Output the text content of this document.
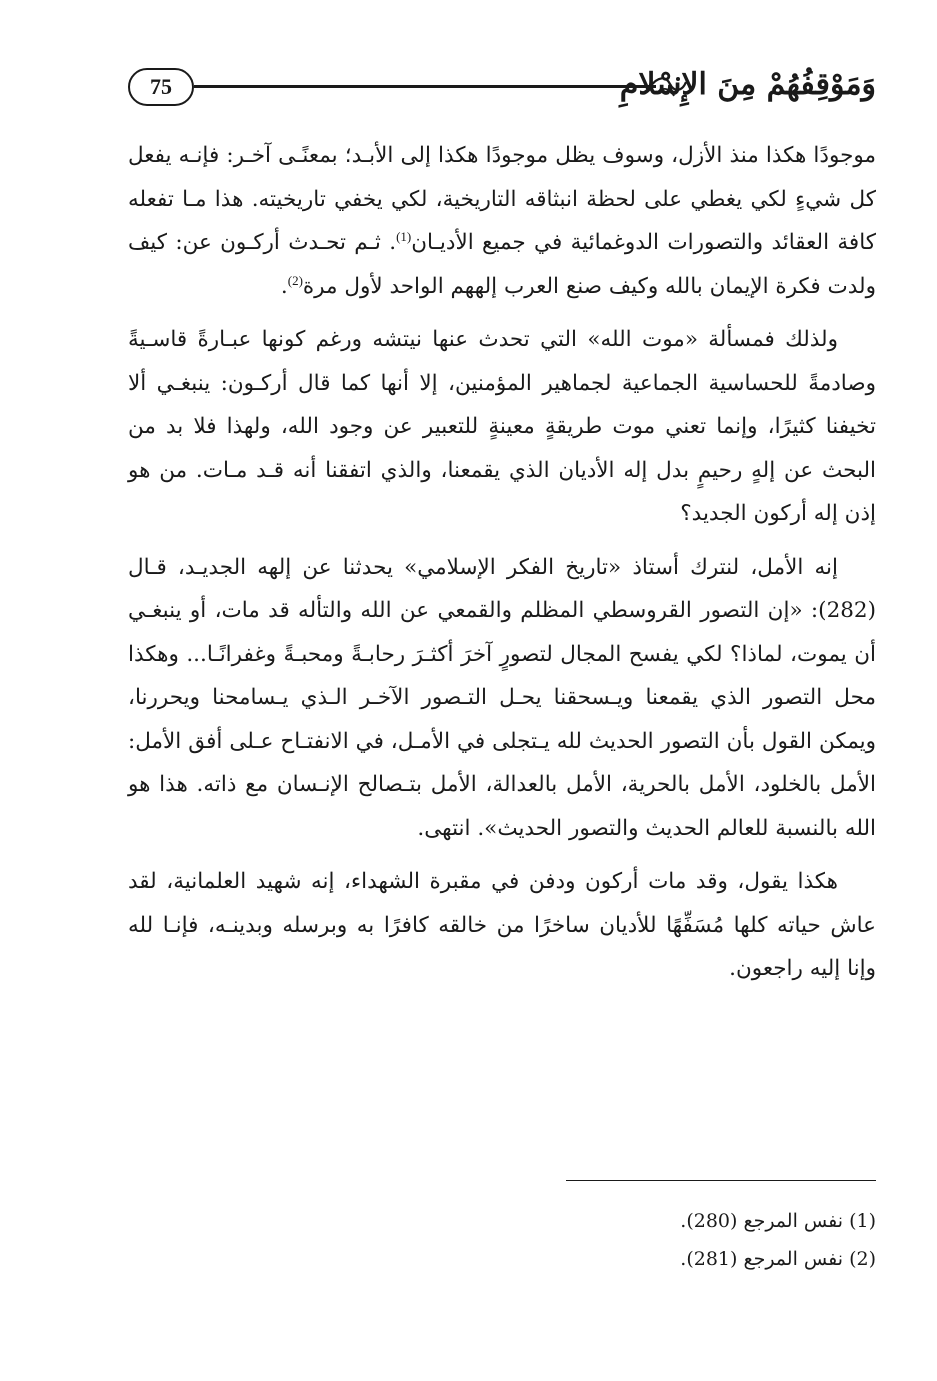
75	وَمَوْقِفُهُمْ مِنَ الإِسْلامِ

موجودًا هكذا منذ الأزل، وسوف يظل موجودًا هكذا إلى الأبـد؛ بمعنًـى آخـر: فإنـه يفعل كل شيءٍ لكي يغطي على لحظة انبثاقه التاريخية، لكي يخفي تاريخيته. هذا مـا تفعله كافة العقائد والتصورات الدوغمائية في جميع الأديـان$^{(1)}$. ثـم تحـدث أركـون عن: كيف ولدت فكرة الإيمان بالله وكيف صنع العرب إلههم الواحد لأول مرة$^{(2)}$.

ولذلك فمسألة «موت الله» التي تحدث عنها نيتشه ورغم كونها عبـارةً قاسـيةً وصادمةً للحساسية الجماعية لجماهير المؤمنين، إلا أنها كما قال أركـون: ينبغـي ألا تخيفنا كثيرًا، وإنما تعني موت طريقةٍ معينةٍ للتعبير عن وجود الله، ولهذا فلا بد من البحث عن إلهٍ رحيمٍ بدل إله الأديان الذي يقمعنا، والذي اتفقنا أنه قـد مـات. من هو إذن إله أركون الجديد؟

إنه الأمل، لنترك أستاذ «تاريخ الفكر الإسلامي» يحدثنا عن إلهه الجديـد، قـال (282): «إن التصور القروسطي المظلم والقمعي عن الله والتأله قد مات، أو ينبغـي أن يموت، لماذا؟ لكي يفسح المجال لتصورٍ آخرَ أكثـرَ رحابـةً ومحبـةً وغفرانًـا... وهكذا محل التصور الذي يقمعنا ويـسحقنا يحـل التـصور الآخـر الـذي يـسامحنا ويحررنا، ويمكن القول بأن التصور الحديث لله يـتجلى في الأمـل، في الانفتـاح عـلى أفق الأمل: الأمل بالخلود، الأمل بالحرية، الأمل بالعدالة، الأمل بتـصالح الإنـسان مع ذاته. هذا هو الله بالنسبة للعالم الحديث والتصور الحديث». انتهى.

هكذا يقول، وقد مات أركون ودفن في مقبرة الشهداء، إنه شهيد العلمانية، لقد عاش حياته كلها مُسَفِّهًا للأديان ساخرًا من خالقه كافرًا به وبرسله وبدينـه، فإنـا لله وإنا إليه راجعون.

(1) نفس المرجع (280).

(2) نفس المرجع (281).
